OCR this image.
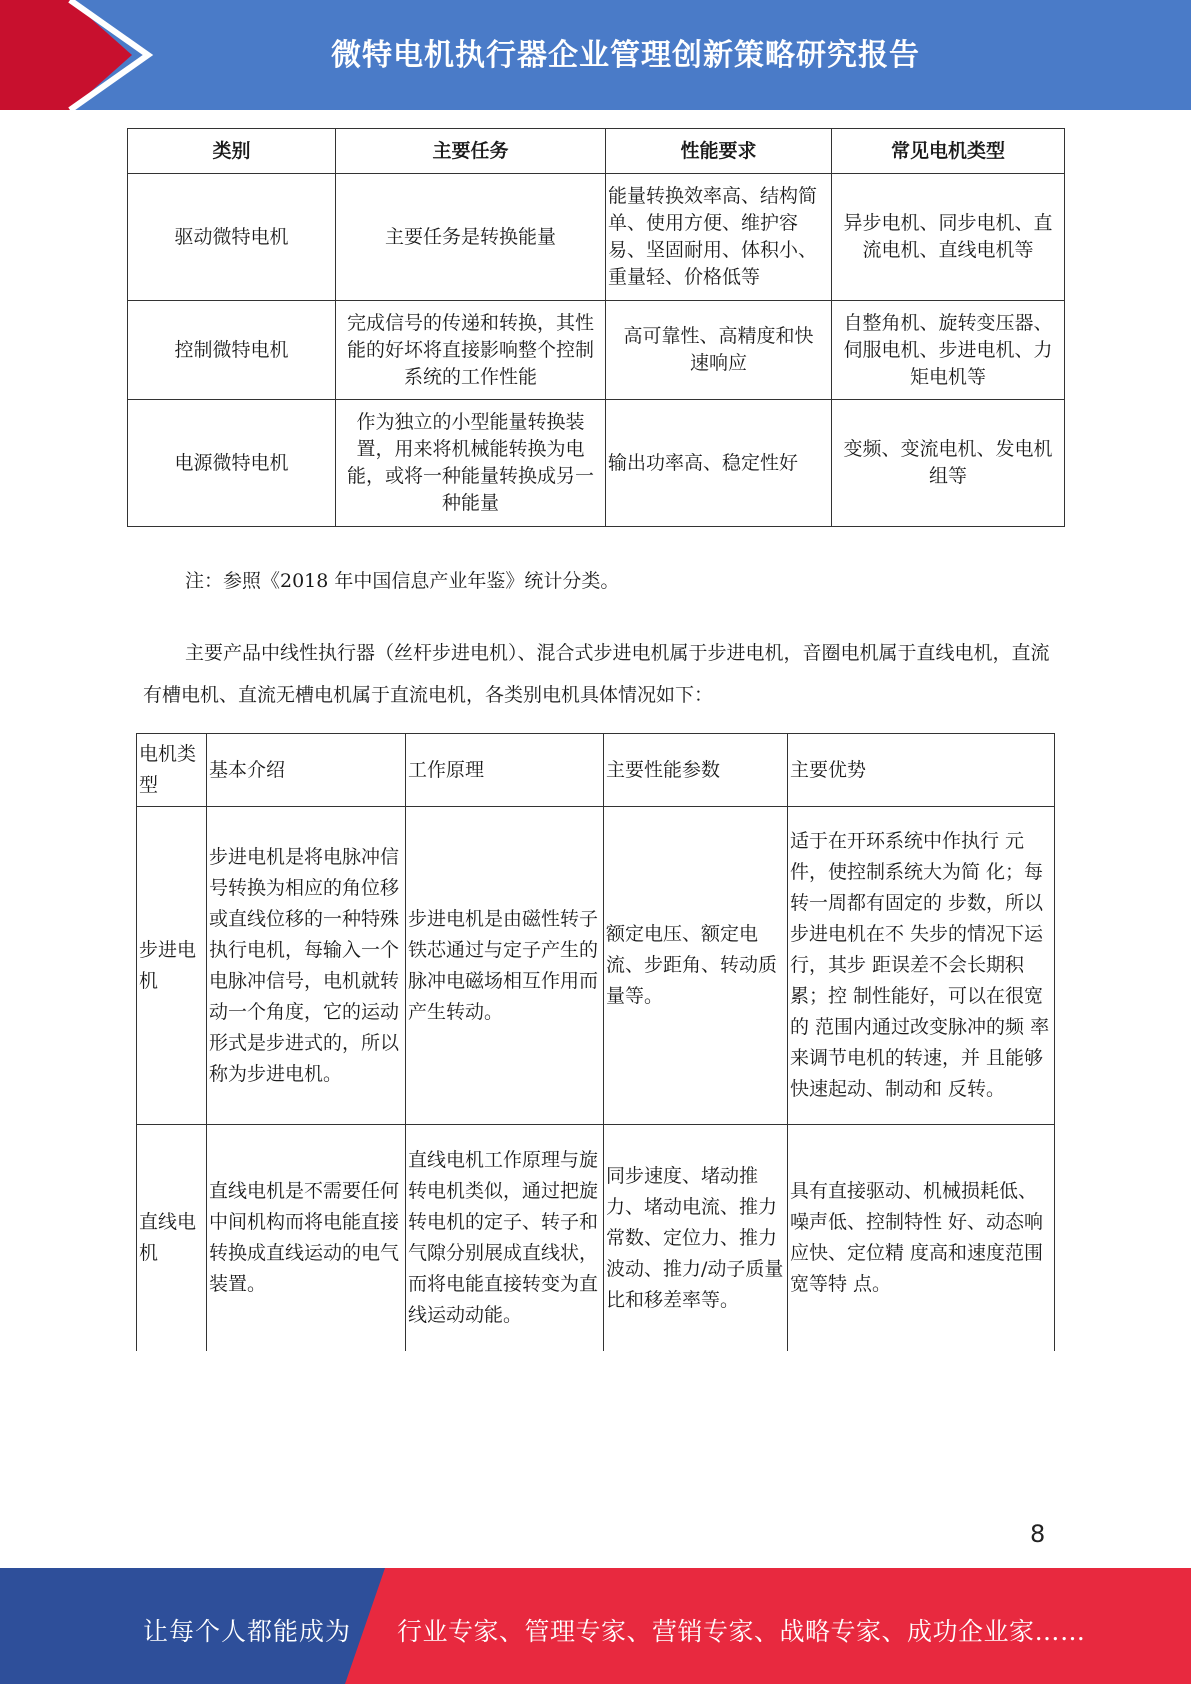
微特电机执行器企业管理创新策略研究报告
类别	主要任务	性能要求	常见电机类型
驱动微特电机	主要任务是转换能量	能量转换效率高、结构简单、使用方便、维护容易、坚固耐用、体积小、重量轻、价格低等	异步电机、同步电机、直流电机、直线电机等
控制微特电机	完成信号的传递和转换，其性能的好坏将直接影响整个控制系统的工作性能	高可靠性、高精度和快速响应	自整角机、旋转变压器、伺服电机、步进电机、力矩电机等
电源微特电机	作为独立的小型能量转换装置，用来将机械能转换为电能，或将一种能量转换成另一种能量	输出功率高、稳定性好	变频、变流电机、发电机组等
注：参照《2018 年中国信息产业年鉴》统计分类。
主要产品中线性执行器（丝杆步进电机）、混合式步进电机属于步进电机，音圈电机属于直线电机，直流有槽电机、直流无槽电机属于直流电机，各类别电机具体情况如下：
电机类型	基本介绍	工作原理	主要性能参数	主要优势
步进电机	步进电机是将电脉冲信号转换为相应的角位移或直线位移的一种特殊执行电机，每输入一个电脉冲信号，电机就转动一个角度，它的运动形式是步进式的，所以称为步进电机。	步进电机是由磁性转子铁芯通过与定子产生的脉冲电磁场相互作用而产生转动。	额定电压、额定电流、步距角、转动质量等。	适于在开环系统中作执行 元件，使控制系统大为简 化；每转一周都有固定的 步数，所以步进电机在不 失步的情况下运行，其步 距误差不会长期积累；控 制性能好，可以在很宽的 范围内通过改变脉冲的频 率来调节电机的转速，并 且能够快速起动、制动和 反转。
直线电机	直线电机是不需要任何中间机构而将电能直接转换成直线运动的电气装置。	直线电机工作原理与旋转电机类似，通过把旋转电机的定子、转子和气隙分别展成直线状，而将电能直接转变为直线运动动能。	同步速度、堵动推力、堵动电流、推力常数、定位力、推力波动、推力/动子质量比和移差率等。	具有直接驱动、机械损耗低、噪声低、控制特性 好、动态响应快、定位精 度高和速度范围宽等特 点。
8
让每个人都能成为 行业专家、管理专家、营销专家、战略专家、成功企业家……
